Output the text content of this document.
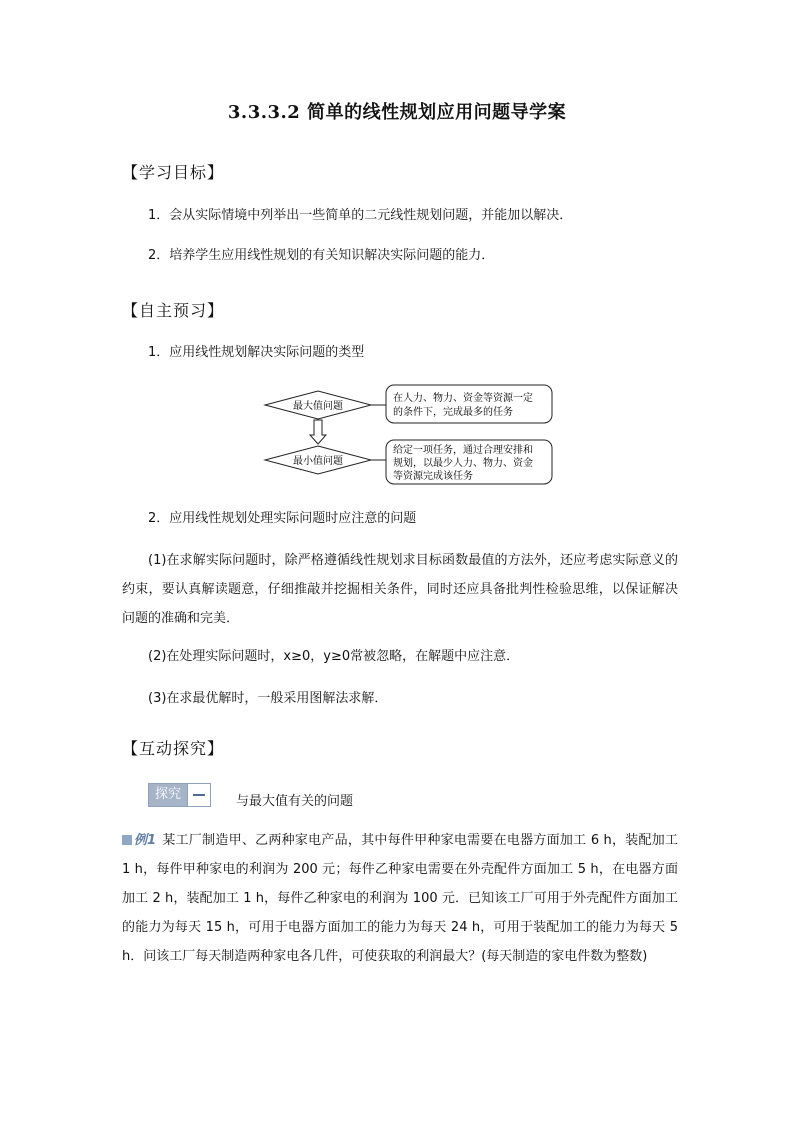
3.3.3.2 简单的线性规划应用问题导学案
【学习目标】
1．会从实际情境中列举出一些简单的二元线性规划问题，并能加以解决．
2．培养学生应用线性规划的有关知识解决实际问题的能力．
【自主预习】
1．应用线性规划解决实际问题的类型
最大值问题
最小值问题
在人力、物力、资金等资源一定
的条件下，完成最多的任务
给定一项任务，通过合理安排和
规划，以最少人力、物力、资金
等资源完成该任务
2．应用线性规划处理实际问题时应注意的问题
(1)在求解实际问题时，除严格遵循线性规划求目标函数最值的方法外，还应考虑实际意义的约束，要认真解读题意，仔细推敲并挖掘相关条件，同时还应具备批判性检验思维，以保证解决问题的准确和完美．
(2)在处理实际问题时，x≥0，y≥0常被忽略，在解题中应注意．
(3)在求最优解时，一般采用图解法求解．
【互动探究】
探究	与最大值有关的问题
例1 某工厂制造甲、乙两种家电产品，其中每件甲种家电需要在电器方面加工 6 h，装配加工 1 h，每件甲种家电的利润为 200 元；每件乙种家电需要在外壳配件方面加工 5 h，在电器方面加工 2 h，装配加工 1 h，每件乙种家电的利润为 100 元．已知该工厂可用于外壳配件方面加工的能力为每天 15 h，可用于电器方面加工的能力为每天 24 h，可用于装配加工的能力为每天 5 h．问该工厂每天制造两种家电各几件，可使获取的利润最大？(每天制造的家电件数为整数)
